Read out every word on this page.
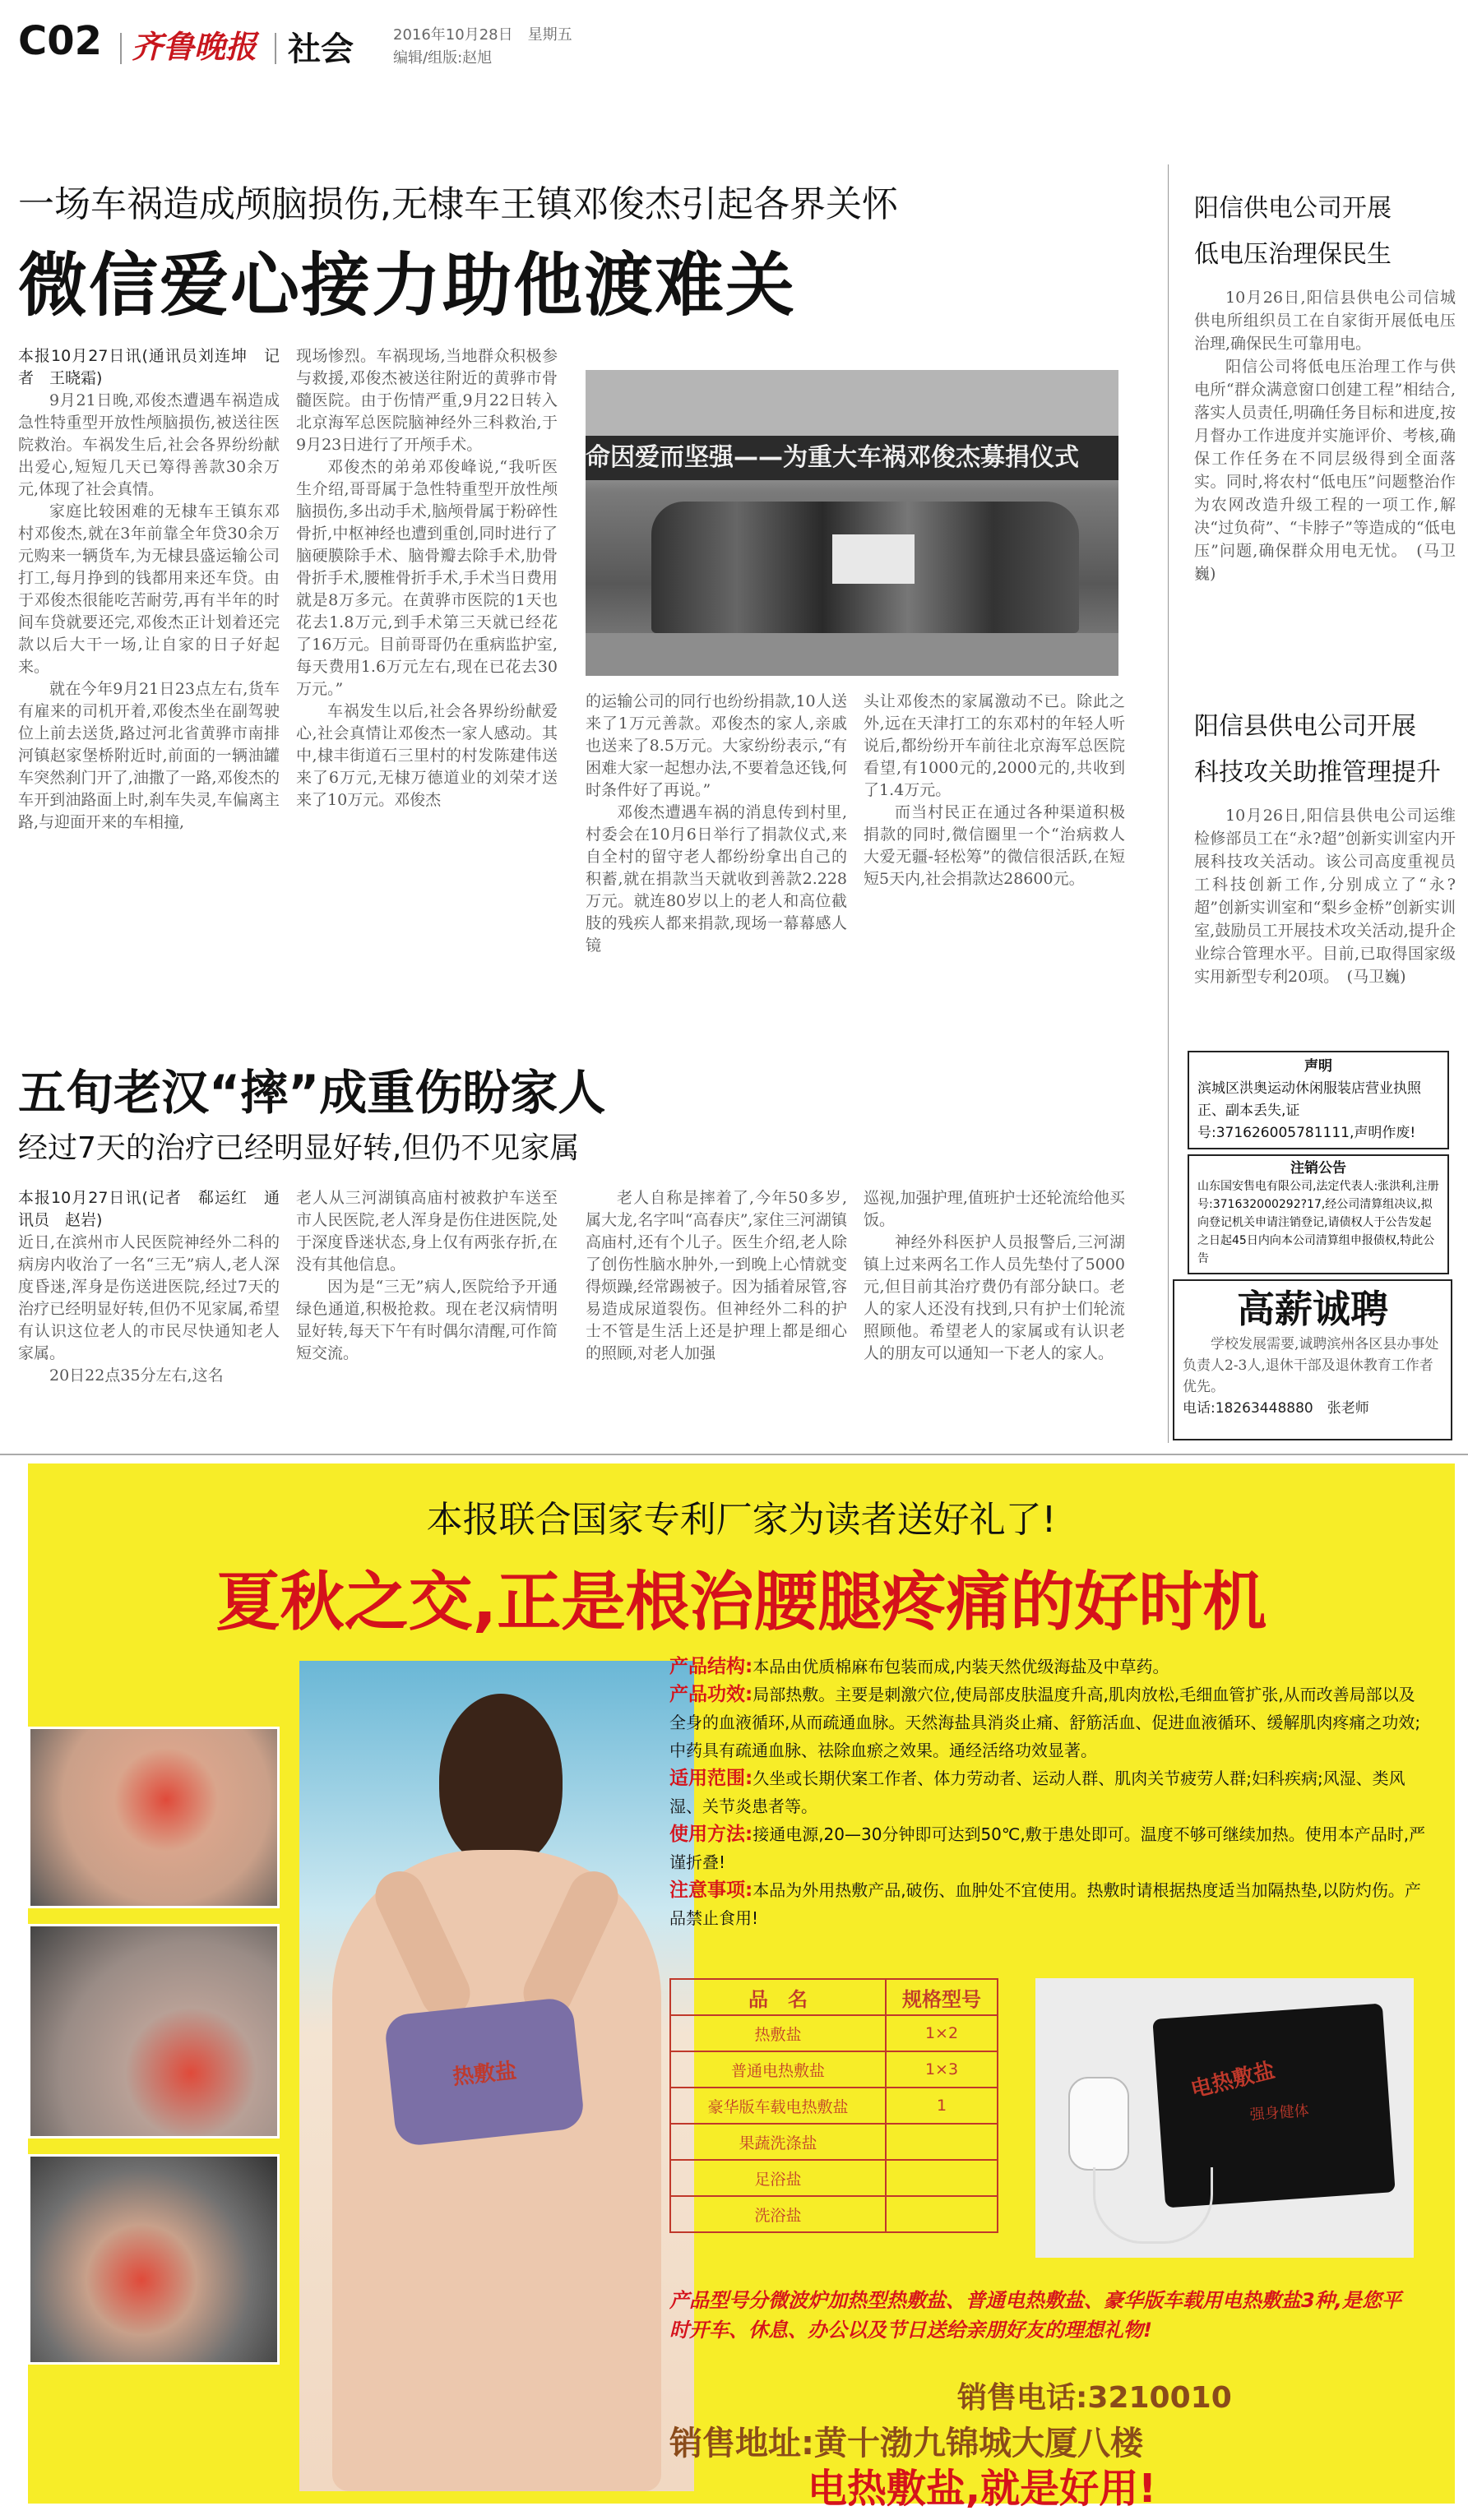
C02 齐鲁晚报 社会	2016年10月28日　星期五
编辑/组版:赵旭
一场车祸造成颅脑损伤,无棣车王镇邓俊杰引起各界关怀
微信爱心接力助他渡难关

本报10月27日讯(通讯员刘连坤　记者　王晓霜)

9月21日晚,邓俊杰遭遇车祸造成急性特重型开放性颅脑损伤,被送往医院救治。车祸发生后,社会各界纷纷献出爱心,短短几天已筹得善款30余万元,体现了社会真情。

家庭比较困难的无棣车王镇东邓村邓俊杰,就在3年前靠全年贷30余万元购来一辆货车,为无棣县盛运输公司打工,每月挣到的钱都用来还车贷。由于邓俊杰很能吃苦耐劳,再有半年的时间车贷就要还完,邓俊杰正计划着还完款以后大干一场,让自家的日子好起来。

就在今年9月21日23点左右,货车有雇来的司机开着,邓俊杰坐在副驾驶位上前去送货,路过河北省黄骅市南排河镇赵家堡桥附近时,前面的一辆油罐车突然刹门开了,油撒了一路,邓俊杰的车开到油路面上时,刹车失灵,车偏离主路,与迎面开来的车相撞,

现场惨烈。车祸现场,当地群众积极参与救援,邓俊杰被送往附近的黄骅市骨髓医院。由于伤情严重,9月22日转入北京海军总医院脑神经外三科救治,于9月23日进行了开颅手术。

邓俊杰的弟弟邓俊峰说,“我听医生介绍,哥哥属于急性特重型开放性颅脑损伤,多出动手术,脑颅骨属于粉碎性骨折,中枢神经也遭到重创,同时进行了脑硬膜除手术、脑骨瓣去除手术,肋骨骨折手术,腰椎骨折手术,手术当日费用就是8万多元。在黄骅市医院的1天也花去1.8万元,到手术第三天就已经花了16万元。目前哥哥仍在重病监护室,每天费用1.6万元左右,现在已花去30万元。”

车祸发生以后,社会各界纷纷献爱心,社会真情让邓俊杰一家人感动。其中,棣丰街道石三里村的村发陈建伟送来了6万元,无棣万德道业的刘荣才送来了10万元。邓俊杰

命因爱而坚强——为重大车祸邓俊杰募捐仪式

的运输公司的同行也纷纷捐款,10人送来了1万元善款。邓俊杰的家人,亲戚也送来了8.5万元。大家纷纷表示,“有困难大家一起想办法,不要着急还钱,何时条件好了再说。”

邓俊杰遭遇车祸的消息传到村里,村委会在10月6日举行了捐款仪式,来自全村的留守老人都纷纷拿出自己的积蓄,就在捐款当天就收到善款2.228万元。就连80岁以上的老人和高位截肢的残疾人都来捐款,现场一幕幕感人镜

头让邓俊杰的家属激动不已。除此之外,远在天津打工的东邓村的年轻人听说后,都纷纷开车前往北京海军总医院看望,有1000元的,2000元的,共收到了1.4万元。

而当村民正在通过各种渠道积极捐款的同时,微信圈里一个“治病救人大爱无疆-轻松筹”的微信很活跃,在短短5天内,社会捐款达28600元。

五旬老汉“摔”成重伤盼家人
经过7天的治疗已经明显好转,但仍不见家属

本报10月27日讯(记者　郗运红　通讯员　赵岩)

近日,在滨州市人民医院神经外二科的病房内收治了一名“三无”病人,老人深度昏迷,浑身是伤送进医院,经过7天的治疗已经明显好转,但仍不见家属,希望有认识这位老人的市民尽快通知老人家属。

20日22点35分左右,这名

老人从三河湖镇高庙村被救护车送至市人民医院,老人浑身是伤住进医院,处于深度昏迷状态,身上仅有两张存折,在没有其他信息。

因为是“三无”病人,医院给予开通绿色通道,积极抢救。现在老汉病情明显好转,每天下午有时偶尔清醒,可作简短交流。

老人自称是摔着了,今年50多岁,属大龙,名字叫“高春庆”,家住三河湖镇高庙村,还有个儿子。医生介绍,老人除了创伤性脑水肿外,一到晚上心情就变得烦躁,经常踢被子。因为插着尿管,容易造成尿道裂伤。但神经外二科的护士不管是生活上还是护理上都是细心的照顾,对老人加强

巡视,加强护理,值班护士还轮流给他买饭。

神经外科医护人员报警后,三河湖镇上过来两名工作人员先垫付了5000元,但目前其治疗费仍有部分缺口。老人的家人还没有找到,只有护士们轮流照顾他。希望老人的家属或有认识老人的朋友可以通知一下老人的家人。

阳信供电公司开展
低电压治理保民生

10月26日,阳信县供电公司信城供电所组织员工在自家街开展低电压治理,确保民生可靠用电。

阳信公司将低电压治理工作与供电所“群众满意窗口创建工程”相结合,落实人员责任,明确任务目标和进度,按月督办工作进度并实施评价、考核,确保工作任务在不同层级得到全面落实。同时,将农村“低电压”问题整治作为农网改造升级工程的一项工作,解决“过负荷”、“卡脖子”等造成的“低电压”问题,确保群众用电无忧。　(马卫巍)

阳信县供电公司开展
科技攻关助推管理提升

10月26日,阳信县供电公司运维检修部员工在“永?超”创新实训室内开展科技攻关活动。该公司高度重视员工科技创新工作,分别成立了“永?超”创新实训室和“梨乡金桥”创新实训室,鼓励员工开展技术攻关活动,提升企业综合管理水平。目前,已取得国家级实用新型专利20项。　(马卫巍)

声明
滨城区洪奥运动休闲服装店营业执照正、副本丢失,证号:371626005781111,声明作废!
注销公告
山东国安售电有限公司,法定代表人:张洪利,注册号:371632000292?17,经公司清算组决议,拟向登记机关申请注销登记,请债权人于公告发起之日起45日内向本公司清算组申报债权,特此公告
高薪诚聘
学校发展需要,诚聘滨州各区县办事处负责人2-3人,退休干部及退休教育工作者优先。
电话:18263448880　张老师
本报联合国家专利厂家为读者送好礼了!
夏秋之交,正是根治腰腿疼痛的好时机
热敷盐
产品结构:本品由优质棉麻布包装而成,内装天然优级海盐及中草药。
产品功效:局部热敷。主要是刺激穴位,使局部皮肤温度升高,肌肉放松,毛细血管扩张,从而改善局部以及全身的血液循环,从而疏通血脉。天然海盐具消炎止痛、舒筋活血、促进血液循环、缓解肌肉疼痛之功效;中药具有疏通血脉、祛除血瘀之效果。通经活络功效显著。
适用范围:久坐或长期伏案工作者、体力劳动者、运动人群、肌肉关节疲劳人群;妇科疾病;风湿、类风湿、关节炎患者等。
使用方法:接通电源,20—30分钟即可达到50℃,敷于患处即可。温度不够可继续加热。使用本产品时,严谨折叠!
注意事项:本品为外用热敷产品,破伤、血肿处不宜使用。热敷时请根据热度适当加隔热垫,以防灼伤。产品禁止食用!
品　名	规格型号
热敷盐	1×2
普通电热敷盐	1×3
豪华版车载电热敷盐	1
果蔬洗涤盐	
足浴盐	
洗浴盐	
电热敷盐
强身健体
产品型号分微波炉加热型热敷盐、普通电热敷盐、豪华版车载用电热敷盐3种,是您平时开车、休息、办公以及节日送给亲朋好友的理想礼物!
销售电话:3210010
销售地址:黄十渤九锦城大厦八楼
电热敷盐,就是好用!
